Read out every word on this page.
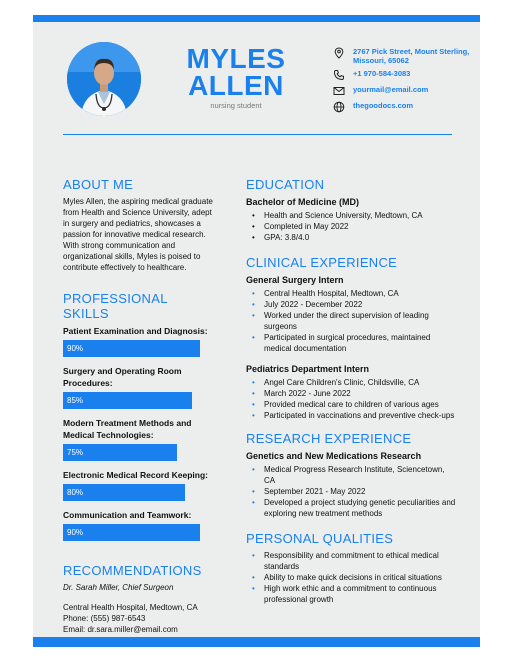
MYLES
ALLEN
nursing student
2767 Pick Street, Mount Sterling, Missouri, 65062
+1 970-584-3083
yourmail@email.com
thegoodocs.com
ABOUT ME

Myles Allen, the aspiring medical graduate from Health and Science University, adept in surgery and pediatrics, showcases a passion for innovative medical research. With strong communication and organizational skills, Myles is poised to contribute effectively to healthcare.

PROFESSIONAL SKILLS
Patient Examination and Diagnosis:
90%
Surgery and Operating Room Procedures:
85%
Modern Treatment Methods and Medical Technologies:
75%
Electronic Medical Record Keeping:
80%
Communication and Teamwork:
90%
RECOMMENDATIONS

Dr. Sarah Miller, Chief Surgeon

Central Health Hospital, Medtown, CA

Phone: (555) 987-6543

Email: dr.sara.miller@email.com

EDUCATION
Bachelor of Medicine (MD)
• Health and Science University, Medtown, CA
• Completed in May 2022
• GPA: 3.8/4.0
CLINICAL EXPERIENCE
General Surgery Intern
• Central Health Hospital, Medtown, CA
• July 2022 - December 2022
• Worked under the direct supervision of leading surgeons
• Participated in surgical procedures, maintained medical documentation
Pediatrics Department Intern
• Angel Care Children's Clinic, Childsville, CA
• March 2022 - June 2022
• Provided medical care to children of various ages
• Participated in vaccinations and preventive check-ups
RESEARCH EXPERIENCE
Genetics and New Medications Research
• Medical Progress Research Institute, Sciencetown, CA
• September 2021 - May 2022
• Developed a project studying genetic peculiarities and exploring new treatment methods
PERSONAL QUALITIES
• Responsibility and commitment to ethical medical standards
• Ability to make quick decisions in critical situations
• High work ethic and a commitment to continuous professional growth
